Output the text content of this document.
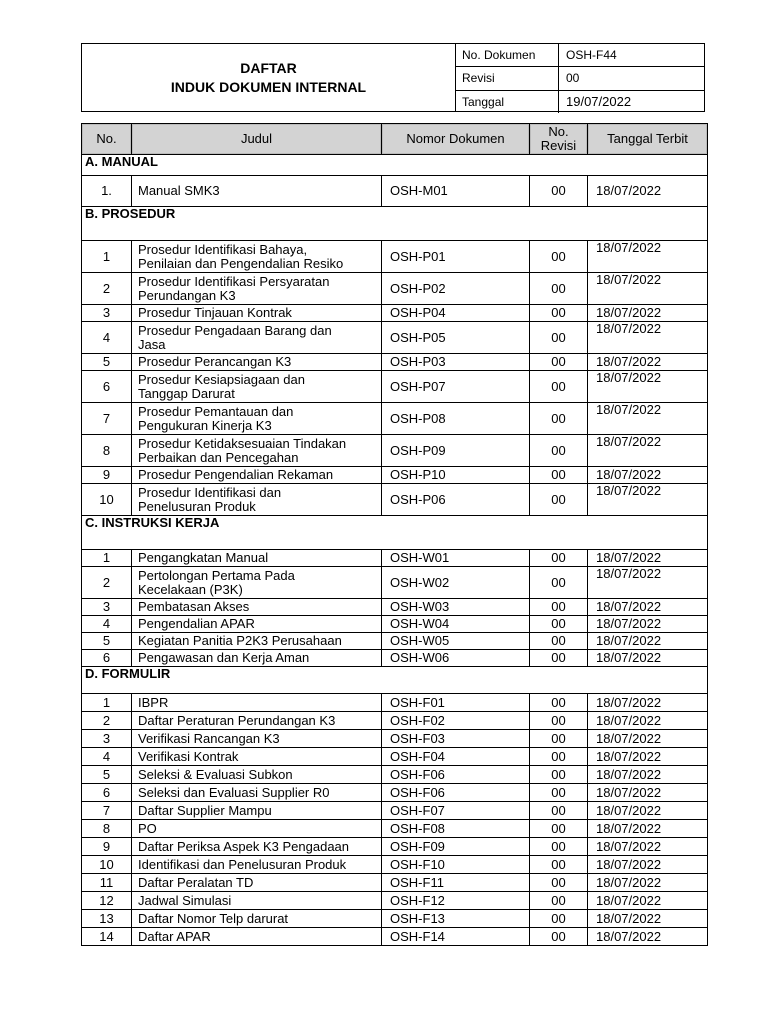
DAFTAR
INDUK DOKUMEN INTERNAL
No. Dokumen	OSH-F44
Revisi	00
Tanggal	19/07/2022
No.	Judul	Nomor Dokumen	No. Revisi	Tanggal Terbit
A. MANUAL				
1.	Manual SMK3	OSH-M01	00	18/07/2022
B. PROSEDUR				
1	Prosedur Identifikasi Bahaya,
Penilaian dan Pengendalian Resiko	OSH-P01	00	18/07/2022
2	Prosedur Identifikasi Persyaratan
Perundangan K3	OSH-P02	00	18/07/2022
3	Prosedur Tinjauan Kontrak	OSH-P04	00	18/07/2022
4	Prosedur Pengadaan Barang dan
Jasa	OSH-P05	00	18/07/2022
5	Prosedur Perancangan K3	OSH-P03	00	18/07/2022
6	Prosedur Kesiapsiagaan dan
Tanggap Darurat	OSH-P07	00	18/07/2022
7	Prosedur Pemantauan dan
Pengukuran Kinerja K3	OSH-P08	00	18/07/2022
8	Prosedur Ketidaksesuaian Tindakan
Perbaikan dan Pencegahan	OSH-P09	00	18/07/2022
9	Prosedur Pengendalian Rekaman	OSH-P10	00	18/07/2022
10	Prosedur Identifikasi dan
Penelusuran Produk	OSH-P06	00	18/07/2022
C. INSTRUKSI KERJA				
1	Pengangkatan Manual	OSH-W01	00	18/07/2022
2	Pertolongan Pertama Pada
Kecelakaan (P3K)	OSH-W02	00	18/07/2022
3	Pembatasan Akses	OSH-W03	00	18/07/2022
4	Pengendalian APAR	OSH-W04	00	18/07/2022
5	Kegiatan Panitia P2K3 Perusahaan	OSH-W05	00	18/07/2022
6	Pengawasan dan Kerja Aman	OSH-W06	00	18/07/2022
D. FORMULIR				
1	IBPR	OSH-F01	00	18/07/2022
2	Daftar Peraturan Perundangan K3	OSH-F02	00	18/07/2022
3	Verifikasi Rancangan K3	OSH-F03	00	18/07/2022
4	Verifikasi Kontrak	OSH-F04	00	18/07/2022
5	Seleksi & Evaluasi Subkon	OSH-F06	00	18/07/2022
6	Seleksi dan Evaluasi Supplier R0	OSH-F06	00	18/07/2022
7	Daftar Supplier Mampu	OSH-F07	00	18/07/2022
8	PO	OSH-F08	00	18/07/2022
9	Daftar Periksa Aspek K3 Pengadaan	OSH-F09	00	18/07/2022
10	Identifikasi dan Penelusuran Produk	OSH-F10	00	18/07/2022
11	Daftar Peralatan TD	OSH-F11	00	18/07/2022
12	Jadwal Simulasi	OSH-F12	00	18/07/2022
13	Daftar Nomor Telp darurat	OSH-F13	00	18/07/2022
14	Daftar APAR	OSH-F14	00	18/07/2022
